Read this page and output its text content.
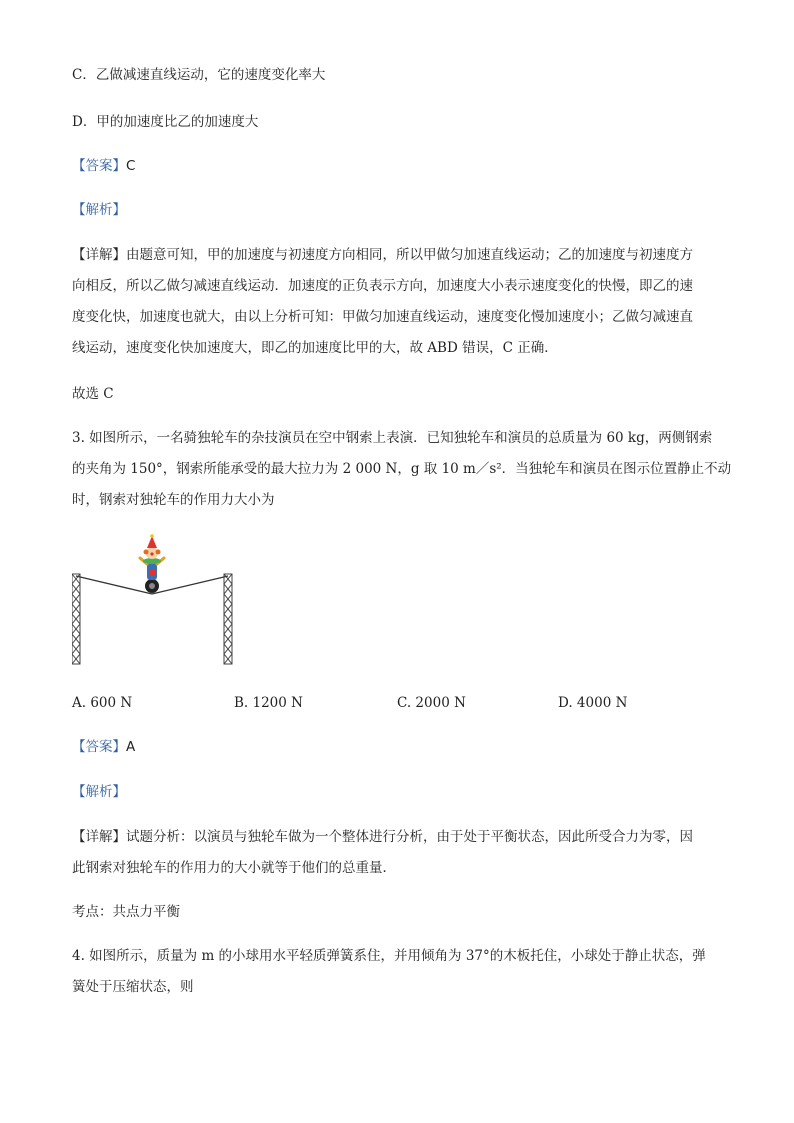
C．乙做减速直线运动，它的速度变化率大
D．甲的加速度比乙的加速度大
【答案】C
【解析】
【详解】由题意可知，甲的加速度与初速度方向相同，所以甲做匀加速直线运动；乙的加速度与初速度方
向相反，所以乙做匀减速直线运动．加速度的正负表示方向，加速度大小表示速度变化的快慢，即乙的速
度变化快，加速度也就大，由以上分析可知：甲做匀加速直线运动，速度变化慢加速度小；乙做匀减速直
线运动，速度变化快加速度大，即乙的加速度比甲的大，故 ABD 错误，C 正确．
故选 C
3. 如图所示，一名骑独轮车的杂技演员在空中钢索上表演．已知独轮车和演员的总质量为 60 kg，两侧钢索
的夹角为 150°，钢索所能承受的最大拉力为 2 000 N，g 取 10 m／s²．当独轮车和演员在图示位置静止不动
时，钢索对独轮车的作用力大小为
A. 600 N	B. 1200 N	C. 2000 N	D. 4000 N
【答案】A
【解析】
【详解】试题分析：以演员与独轮车做为一个整体进行分析，由于处于平衡状态，因此所受合力为零，因
此钢索对独轮车的作用力的大小就等于他们的总重量．
考点：共点力平衡
4. 如图所示，质量为 m 的小球用水平轻质弹簧系住，并用倾角为 37°的木板托住，小球处于静止状态，弹
簧处于压缩状态，则
